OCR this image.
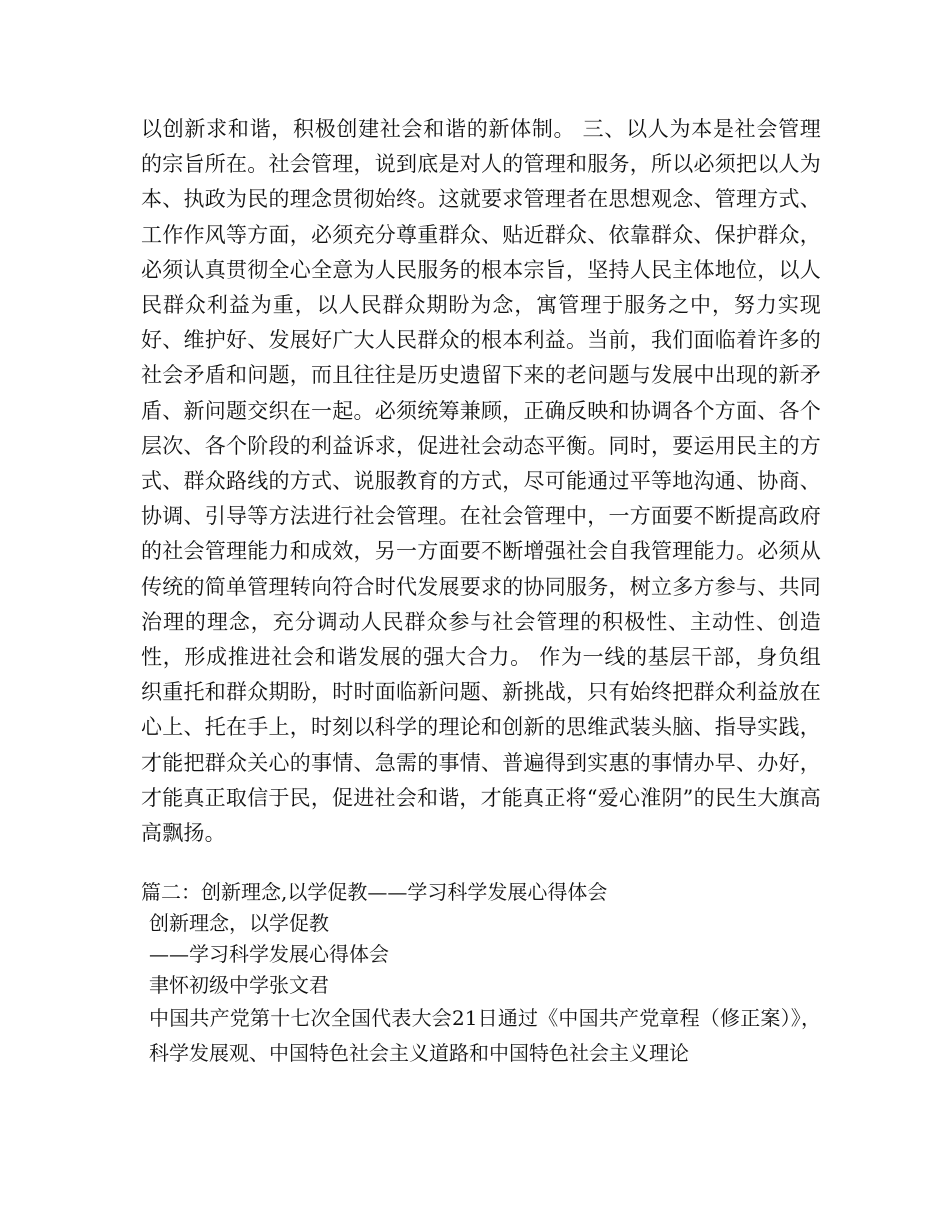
以创新求和谐，积极创建社会和谐的新体制。 三、以人为本是社会管理的宗旨所在。社会管理，说到底是对人的管理和服务，所以必须把以人为本、执政为民的理念贯彻始终。这就要求管理者在思想观念、管理方式、工作作风等方面，必须充分尊重群众、贴近群众、依靠群众、保护群众，必须认真贯彻全心全意为人民服务的根本宗旨，坚持人民主体地位，以人民群众利益为重，以人民群众期盼为念，寓管理于服务之中，努力实现好、维护好、发展好广大人民群众的根本利益。当前，我们面临着许多的社会矛盾和问题，而且往往是历史遗留下来的老问题与发展中出现的新矛盾、新问题交织在一起。必须统筹兼顾，正确反映和协调各个方面、各个层次、各个阶段的利益诉求，促进社会动态平衡。同时，要运用民主的方式、群众路线的方式、说服教育的方式，尽可能通过平等地沟通、协商、协调、引导等方法进行社会管理。在社会管理中，一方面要不断提高政府的社会管理能力和成效，另一方面要不断增强社会自我管理能力。必须从传统的简单管理转向符合时代发展要求的协同服务，树立多方参与、共同治理的理念，充分调动人民群众参与社会管理的积极性、主动性、创造性，形成推进社会和谐发展的强大合力。 作为一线的基层干部，身负组织重托和群众期盼，时时面临新问题、新挑战，只有始终把群众利益放在心上、托在手上，时刻以科学的理论和创新的思维武装头脑、指导实践，才能把群众关心的事情、急需的事情、普遍得到实惠的事情办早、办好，才能真正取信于民，促进社会和谐，才能真正将“爱心淮阴”的民生大旗高高飘扬。

篇二：创新理念,以学促教——学习科学发展心得体会
创新理念，以学促教
——学习科学发展心得体会
聿怀初级中学张文君

中国共产党第十七次全国代表大会21日通过《中国共产党章程（修正案）》，科学发展观、中国特色社会主义道路和中国特色社会主义理论
